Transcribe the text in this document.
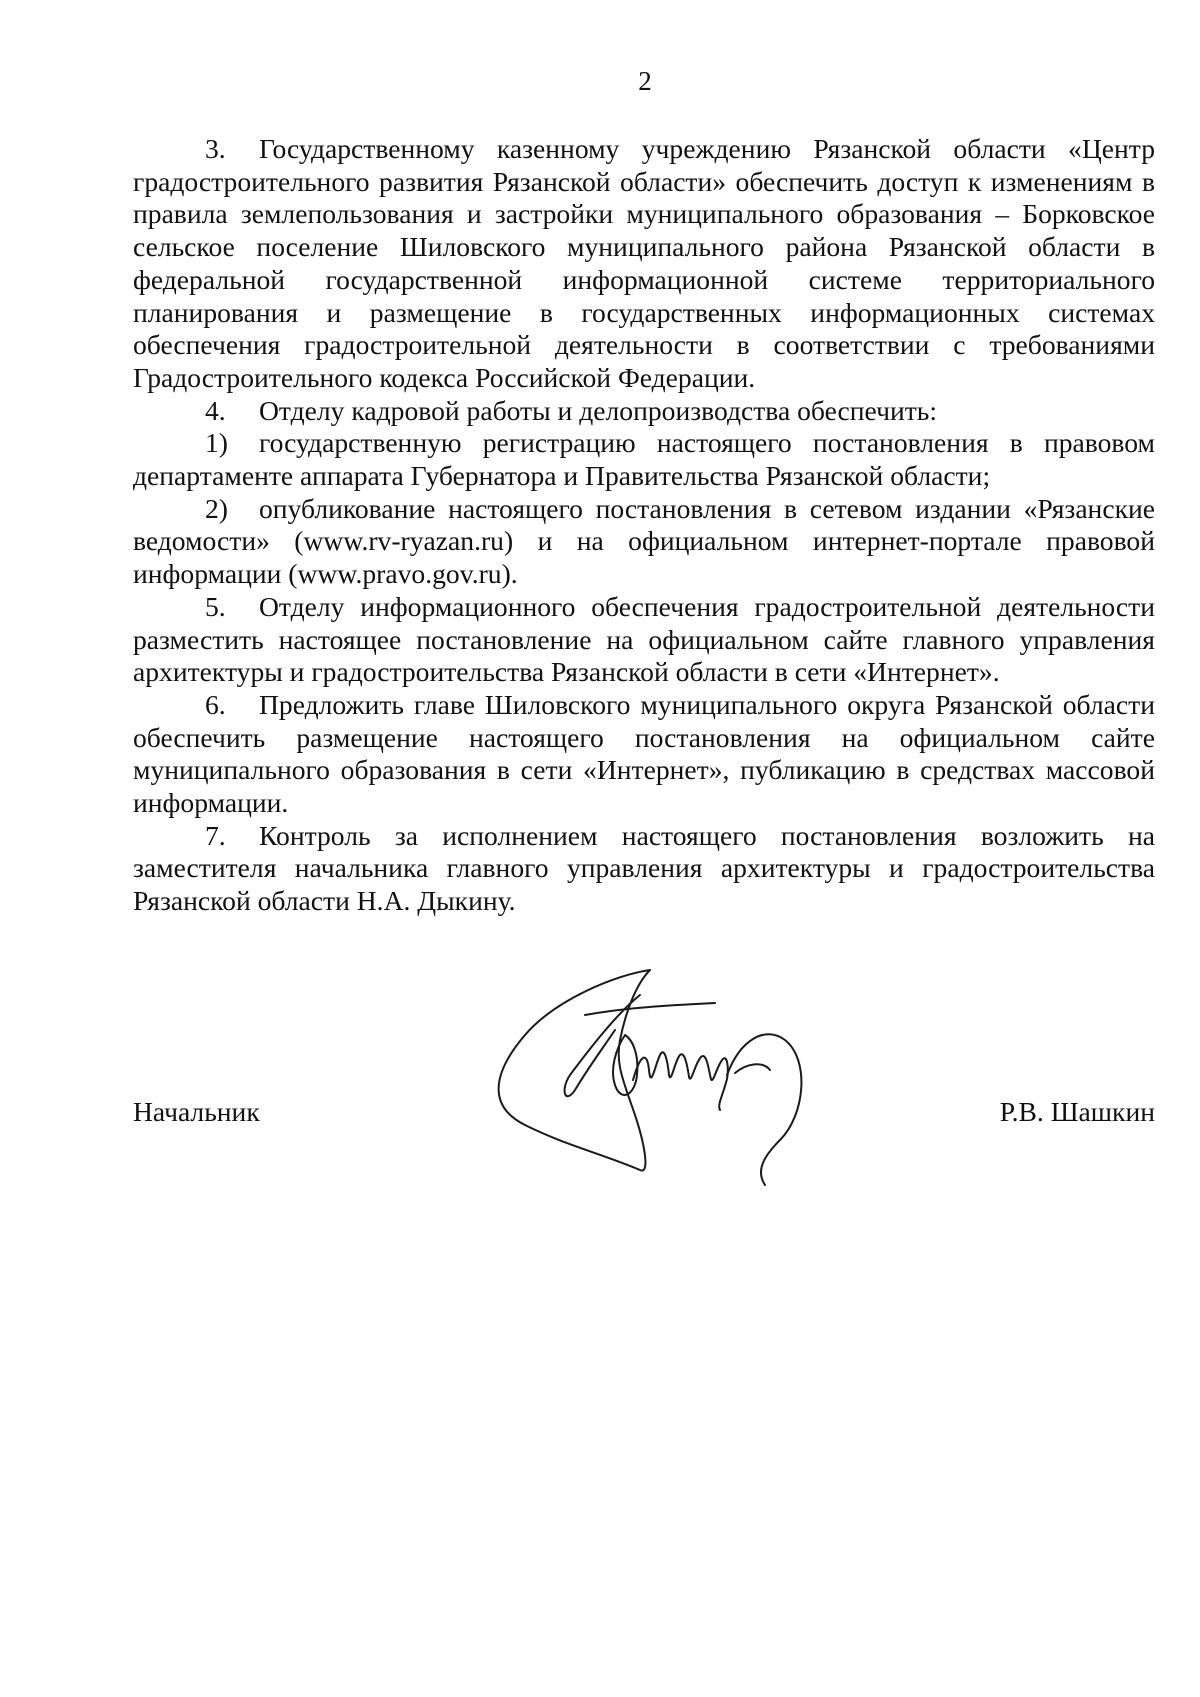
2

3. Государственному казенному учреждению Рязанской области «Центр градостроительного развития Рязанской области» обеспечить доступ к изменениям в правила землепользования и застройки муниципального образования – Борковское сельское поселение Шиловского муниципального района Рязанской области в федеральной государственной информационной системе территориального планирования и размещение в государственных информационных системах обеспечения градостроительной деятельности в соответствии с требованиями Градостроительного кодекса Российской Федерации.

4. Отделу кадровой работы и делопроизводства обеспечить:

1) государственную регистрацию настоящего постановления в правовом департаменте аппарата Губернатора и Правительства Рязанской области;

2) опубликование настоящего постановления в сетевом издании «Рязанские ведомости» (www.rv-ryazan.ru) и на официальном интернет-портале правовой информации (www.pravo.gov.ru).

5. Отделу информационного обеспечения градостроительной деятельности разместить настоящее постановление на официальном сайте главного управления архитектуры и градостроительства Рязанской области в сети «Интернет».

6. Предложить главе Шиловского муниципального округа Рязанской области обеспечить размещение настоящего постановления на официальном сайте муниципального образования в сети «Интернет», публикацию в средствах массовой информации.

7. Контроль за исполнением настоящего постановления возложить на заместителя начальника главного управления архитектуры и градостроительства Рязанской области Н.А. Дыкину.

Начальник	Р.В. Шашкин
